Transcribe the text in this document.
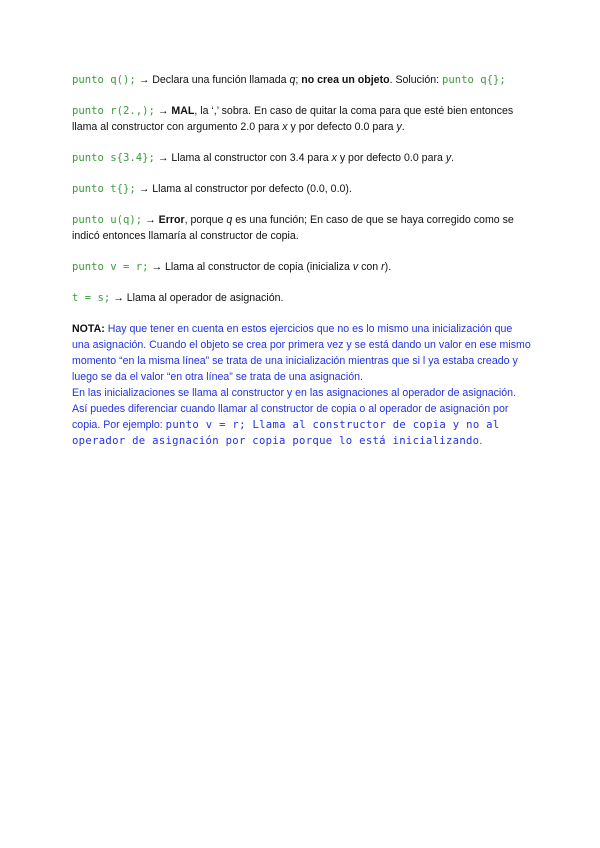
punto q(); → Declara una función llamada q; no crea un objeto. Solución: punto q{};
punto r(2.,); → MAL, la ‘,’ sobra. En caso de quitar la coma para que esté bien entonces llama al constructor con argumento 2.0 para x y por defecto 0.0 para y.
punto s{3.4}; → Llama al constructor con 3.4 para x y por defecto 0.0 para y.
punto t{}; → Llama al constructor por defecto (0.0, 0.0).
punto u(q); → Error, porque q es una función; En caso de que se haya corregido como se indicó entonces llamaría al constructor de copia.
punto v = r; → Llama al constructor de copia (inicializa v con r).
t = s; → Llama al operador de asignación.
NOTA: Hay que tener en cuenta en estos ejercicios que no es lo mismo una inicialización que una asignación. Cuando el objeto se crea por primera vez y se está dando un valor en ese mismo momento “en la misma línea” se trata de una inicialización mientras que si l ya estaba creado y luego se da el valor “en otra línea” se trata de una asignación.
En las inicializaciones se llama al constructor y en las asignaciones al operador de asignación. Así puedes diferenciar cuando llamar al constructor de copia o al operador de asignación por copia. Por ejemplo: punto v = r; Llama al constructor de copia y no al operador de asignación por copia porque lo está inicializando.
